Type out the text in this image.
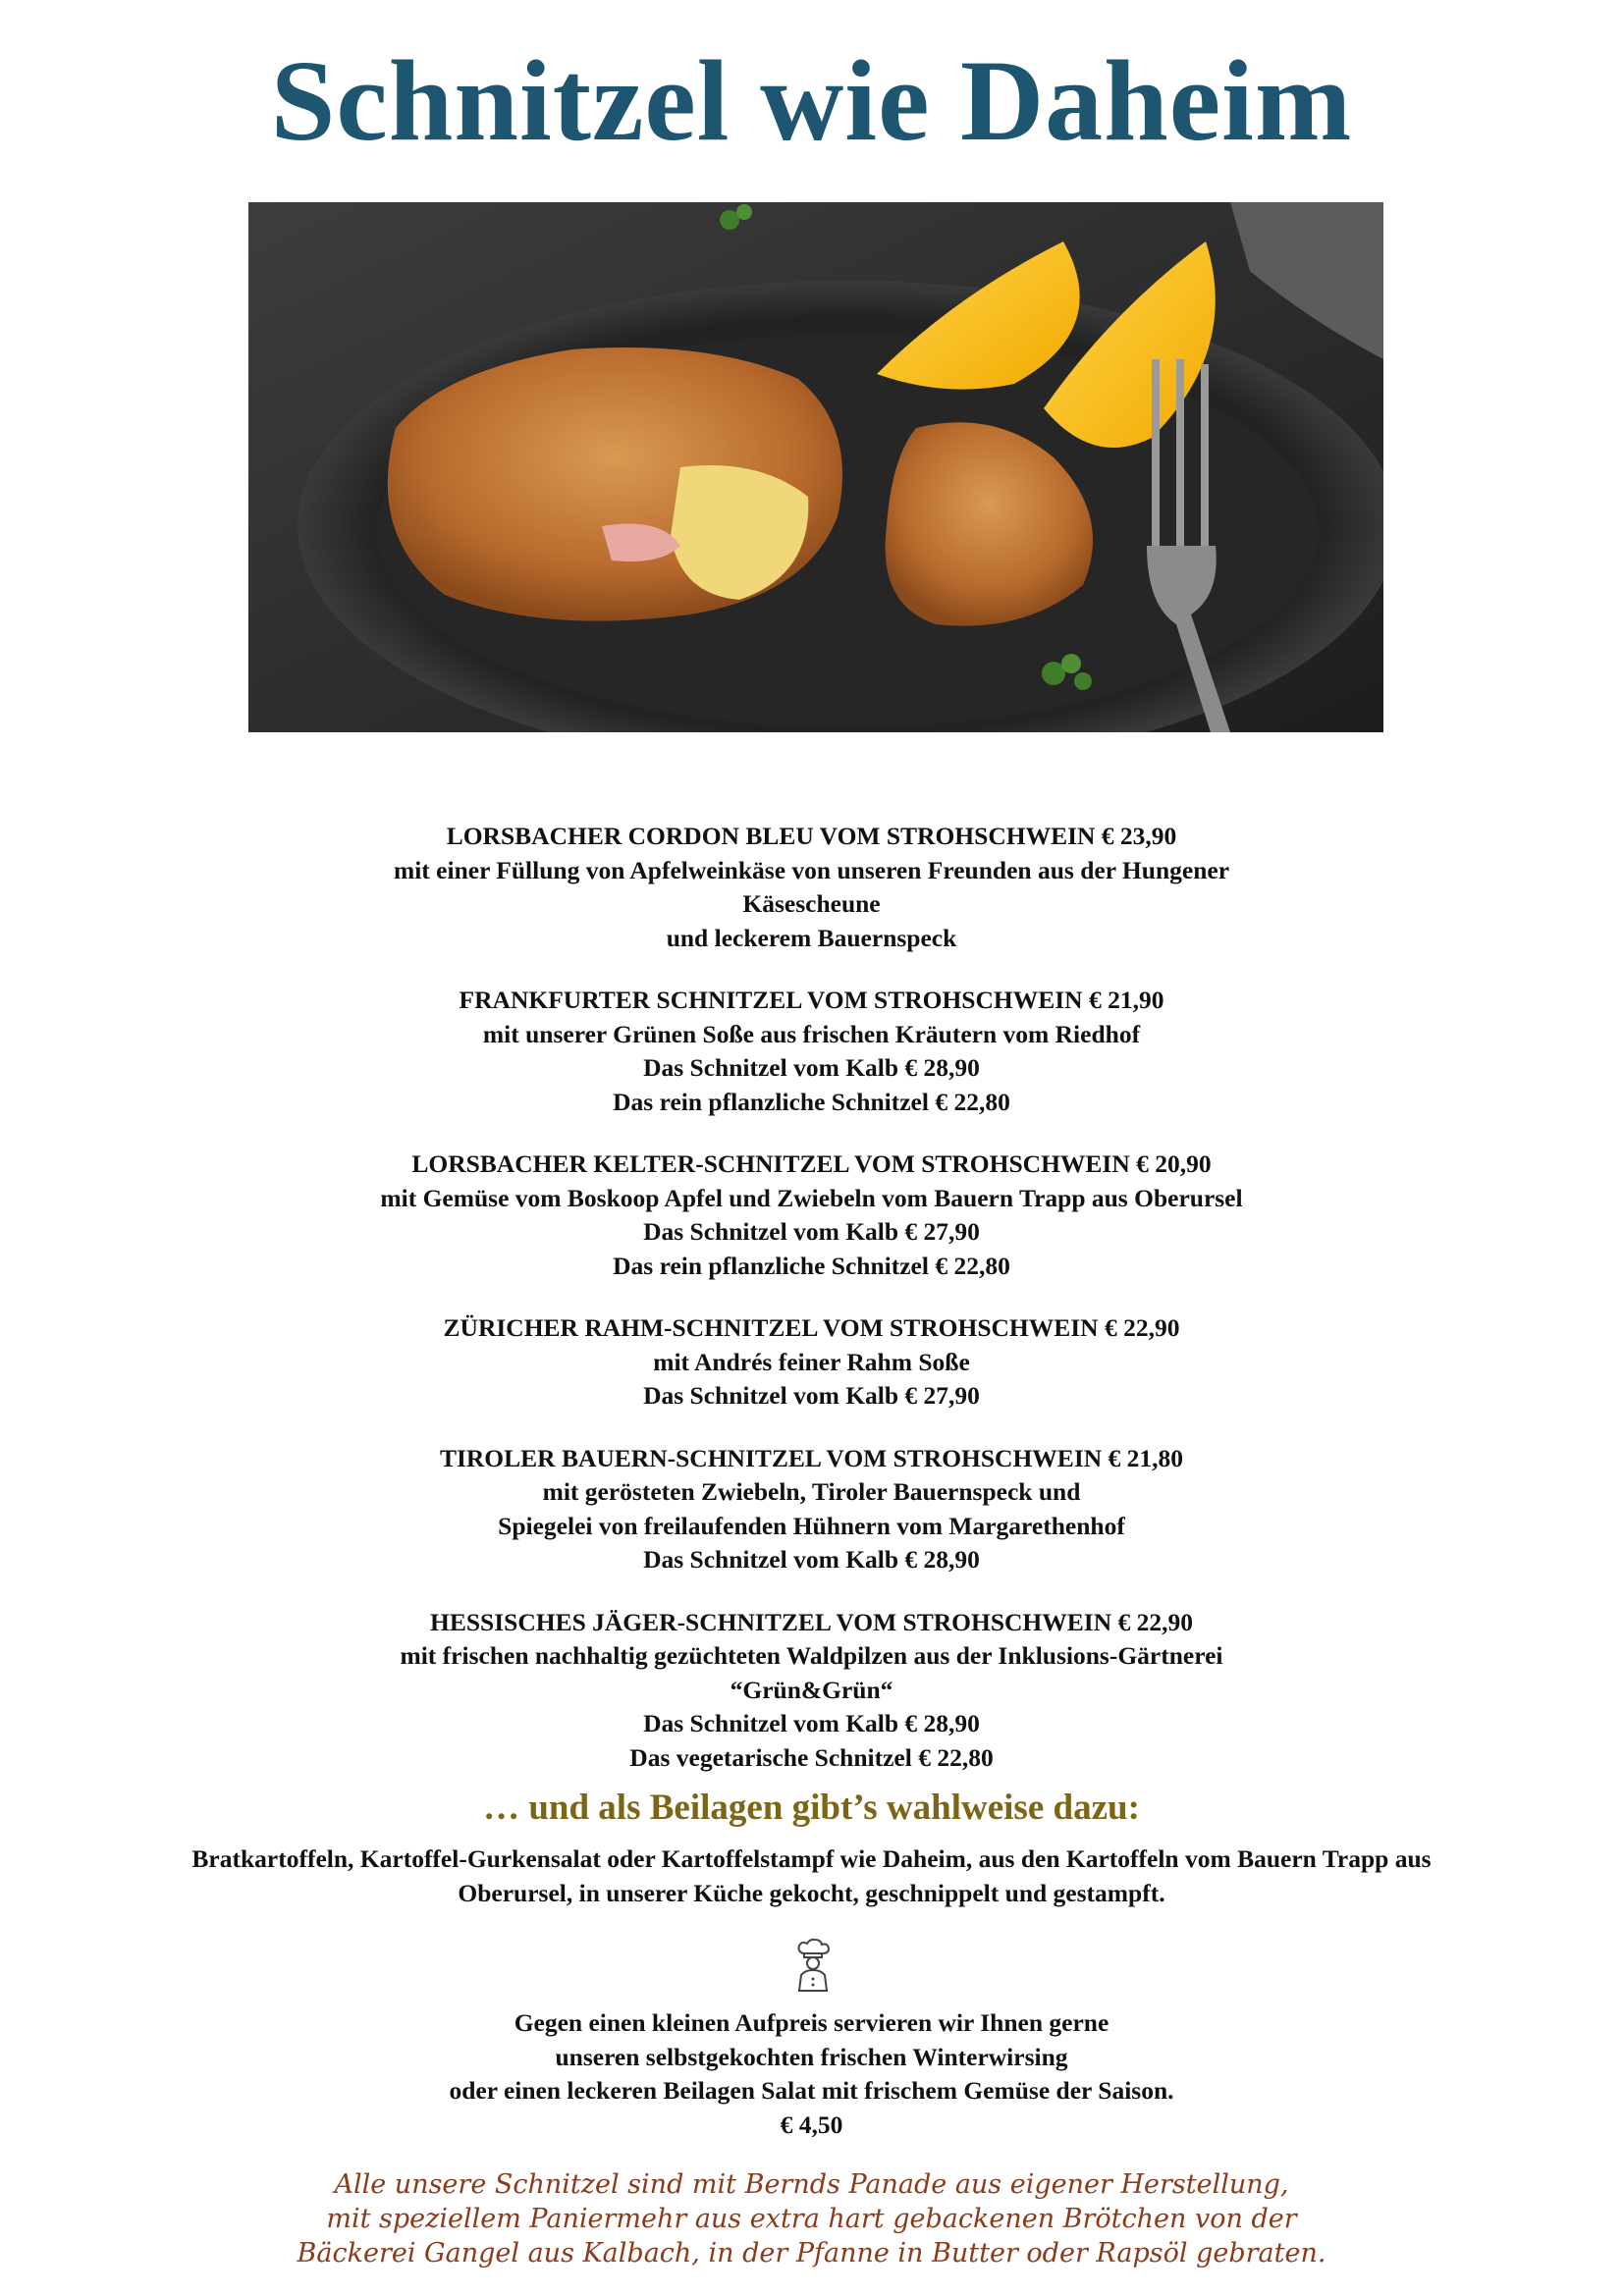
Schnitzel wie Daheim
LORSBACHER CORDON BLEU VOM STROHSCHWEIN € 23,90
mit einer Füllung von Apfelweinkäse von unseren Freunden aus der Hungener
Käsescheune
und leckerem Bauernspeck
FRANKFURTER SCHNITZEL VOM STROHSCHWEIN € 21,90
mit unserer Grünen Soße aus frischen Kräutern vom Riedhof
Das Schnitzel vom Kalb € 28,90
Das rein pflanzliche Schnitzel € 22,80
LORSBACHER KELTER-SCHNITZEL VOM STROHSCHWEIN € 20,90
mit Gemüse vom Boskoop Apfel und Zwiebeln vom Bauern Trapp aus Oberursel
Das Schnitzel vom Kalb € 27,90
Das rein pflanzliche Schnitzel € 22,80
ZÜRICHER RAHM-SCHNITZEL VOM STROHSCHWEIN € 22,90
mit Andrés feiner Rahm Soße
Das Schnitzel vom Kalb € 27,90
TIROLER BAUERN-SCHNITZEL VOM STROHSCHWEIN € 21,80
mit gerösteten Zwiebeln, Tiroler Bauernspeck und
Spiegelei von freilaufenden Hühnern vom Margarethenhof
Das Schnitzel vom Kalb € 28,90
HESSISCHES JÄGER-SCHNITZEL VOM STROHSCHWEIN € 22,90
mit frischen nachhaltig gezüchteten Waldpilzen aus der Inklusions-Gärtnerei
“Grün&Grün“
Das Schnitzel vom Kalb € 28,90
Das vegetarische Schnitzel € 22,80
… und als Beilagen gibt’s wahlweise dazu:
Bratkartoffeln, Kartoffel-Gurkensalat oder Kartoffelstampf wie Daheim, aus den Kartoffeln vom Bauern Trapp aus Oberursel, in unserer Küche gekocht, geschnippelt und gestampft.
Gegen einen kleinen Aufpreis servieren wir Ihnen gerne
unseren selbstgekochten frischen Winterwirsing
oder einen leckeren Beilagen Salat mit frischem Gemüse der Saison.
€ 4,50
Alle unsere Schnitzel sind mit Bernds Panade aus eigener Herstellung,
mit speziellem Paniermehr aus extra hart gebackenen Brötchen von der
Bäckerei Gangel aus Kalbach, in der Pfanne in Butter oder Rapsöl gebraten.
